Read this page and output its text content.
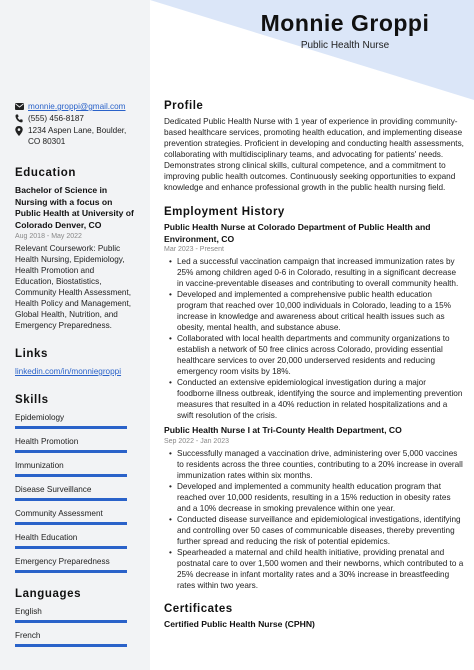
monnie.groppi@gmail.com
(555) 456-8187
1234 Aspen Lane, Boulder, CO 80301
Education
Bachelor of Science in Nursing with a focus on Public Health at University of Colorado Denver, CO
Aug 2018 - May 2022
Relevant Coursework: Public Health Nursing, Epidemiology, Health Promotion and Education, Biostatistics, Community Health Assessment, Health Policy and Management, Global Health, Nutrition, and Emergency Preparedness.
Links
linkedin.com/in/monniegroppi
Skills
Epidemiology
Health Promotion
Immunization
Disease Surveillance
Community Assessment
Health Education
Emergency Preparedness
Languages
English
French
Monnie Groppi
Public Health Nurse
Profile
Dedicated Public Health Nurse with 1 year of experience in providing community-based healthcare services, promoting health education, and implementing disease prevention strategies. Proficient in developing and conducting health assessments, collaborating with multidisciplinary teams, and advocating for patients' needs. Demonstrates strong clinical skills, cultural competence, and a commitment to improving public health outcomes. Continuously seeking opportunities to expand knowledge and enhance professional growth in the public health nursing field.
Employment History
Public Health Nurse at Colorado Department of Public Health and Environment, CO
Mar 2023 - Present
• Led a successful vaccination campaign that increased immunization rates by 25% among children aged 0-6 in Colorado, resulting in a significant decrease in vaccine-preventable diseases and contributing to overall community health.
• Developed and implemented a comprehensive public health education program that reached over 10,000 individuals in Colorado, leading to a 15% increase in knowledge and awareness about critical health issues such as obesity, mental health, and substance abuse.
• Collaborated with local health departments and community organizations to establish a network of 50 free clinics across Colorado, providing essential healthcare services to over 20,000 underserved residents and reducing emergency room visits by 18%.
• Conducted an extensive epidemiological investigation during a major foodborne illness outbreak, identifying the source and implementing prevention measures that resulted in a 40% reduction in related hospitalizations and a swift resolution of the crisis.
Public Health Nurse I at Tri-County Health Department, CO
Sep 2022 - Jan 2023
• Successfully managed a vaccination drive, administering over 5,000 vaccines to residents across the three counties, contributing to a 20% increase in overall immunization rates within six months.
• Developed and implemented a community health education program that reached over 10,000 residents, resulting in a 15% reduction in obesity rates and a 10% decrease in smoking prevalence within one year.
• Conducted disease surveillance and epidemiological investigations, identifying and controlling over 50 cases of communicable diseases, thereby preventing further spread and reducing the risk of potential epidemics.
• Spearheaded a maternal and child health initiative, providing prenatal and postnatal care to over 1,500 women and their newborns, which contributed to a 25% decrease in infant mortality rates and a 30% increase in breastfeeding rates within two years.
Certificates
Certified Public Health Nurse (CPHN)
